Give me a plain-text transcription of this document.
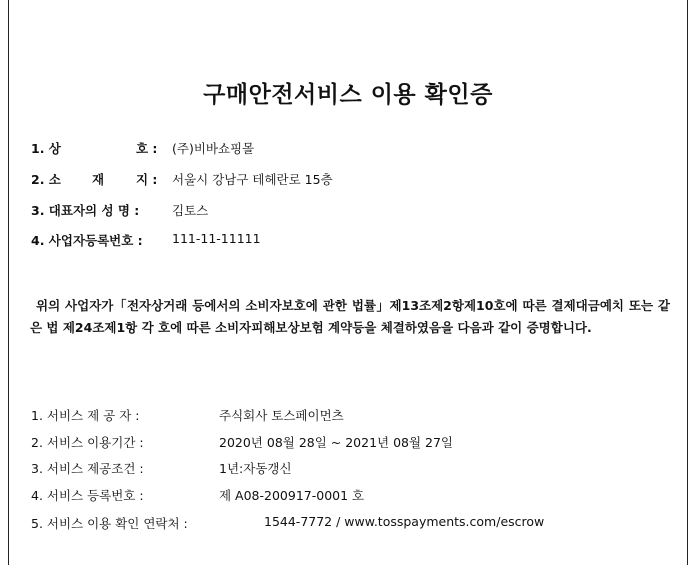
구매안전서비스 이용 확인증
1. 상	호 : (주)비바쇼핑몰
2. 소 재	지 : 서울시 강남구 테헤란로 15층
3. 대표자의 성 명 :	김토스
4. 사업자등록번호 : 111-11-11111
위의 사업자가「전자상거래 등에서의 소비자보호에 관한 법률」제13조제2항제10호에 따른 결제대금예치 또는 같은 법 제24조제1항 각 호에 따른 소비자피해보상보험 계약등을 체결하였음을 다음과 같이 증명합니다.
1. 서비스 제 공 자 :	주식회사 토스페이먼츠
2. 서비스 이용기간 :	2020년 08월 28일 ~ 2021년 08월 27일
3. 서비스 제공조건 :	1년:자동갱신
4. 서비스 등록번호 :	제 A08-200917-0001 호
5. 서비스 이용 확인 연락처 :	1544-7772 / www.tosspayments.com/escrow
